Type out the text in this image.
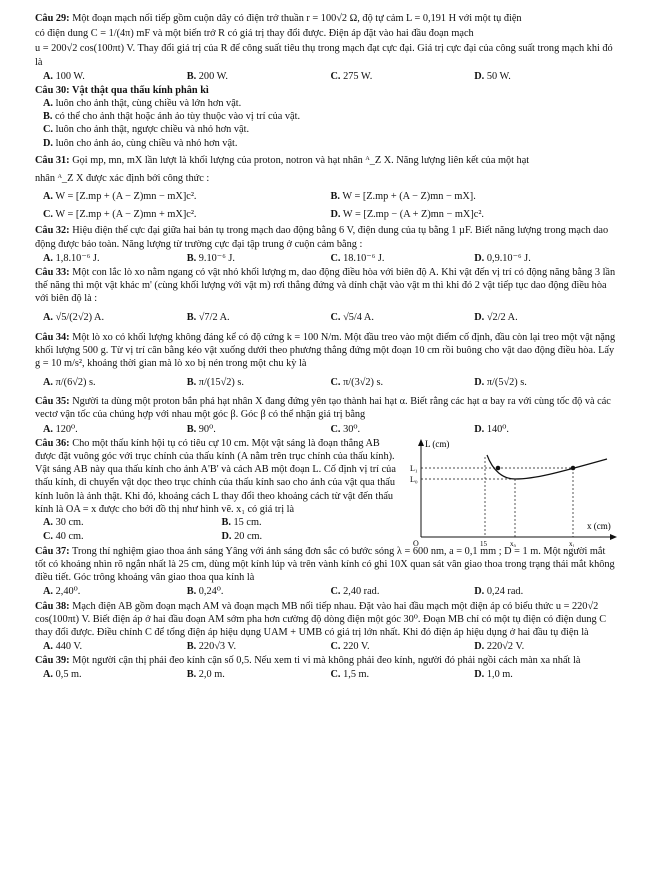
Câu 29: Một đoạn mạch nối tiếp gồm cuộn dây có điện trở thuần r = 100√2 Ω, độ tự cảm L = 0,191 H với một tụ điện
có điện dung C = 1/(4π) mF và một biến trở R có giá trị thay đổi được. Điện áp đặt vào hai đầu đoạn mạch
u = 200√2 cos(100πt) V. Thay đổi giá trị của R để công suất tiêu thụ trong mạch đạt cực đại. Giá trị cực đại của công suất trong mạch khi đó là
A. 100 W.	B. 200 W.	C. 275 W.	D. 50 W.
Câu 30: Vật thật qua thấu kính phân kì
A. luôn cho ảnh thật, cùng chiều và lớn hơn vật.
B. có thể cho ảnh thật hoặc ảnh ảo tùy thuộc vào vị trí của vật.
C. luôn cho ảnh thật, ngược chiều và nhỏ hơn vật.
D. luôn cho ảnh ảo, cùng chiều và nhỏ hơn vật.
Câu 31: Gọi mp, mn, mX lần lượt là khối lượng của proton, notron và hạt nhân ᴬ_Z X. Năng lượng liên kết của một hạt
nhân ᴬ_Z X được xác định bởi công thức :
A. W = [Z.mp + (A − Z)mn − mX]c².	B. W = [Z.mp + (A − Z)mn − mX].
C. W = [Z.mp + (A − Z)mn + mX]c².	D. W = [Z.mp − (A + Z)mn − mX]c².
Câu 32: Hiệu điện thế cực đại giữa hai bản tụ trong mạch dao động bằng 6 V, điện dung của tụ bằng 1 µF. Biết năng lượng trong mạch dao động được bảo toàn. Năng lượng từ trường cực đại tập trung ở cuộn cảm bằng :
A. 1,8.10⁻⁶ J.	B. 9.10⁻⁶ J.	C. 18.10⁻⁶ J.	D. 0,9.10⁻⁶ J.
Câu 33: Một con lắc lò xo nằm ngang có vật nhỏ khối lượng m, dao động điều hòa với biên độ A. Khi vật đến vị trí có động năng bằng 3 lần thế năng thì một vật khác m' (cùng khối lượng với vật m) rơi thẳng đứng và dính chặt vào vật m thì khi đó 2 vật tiếp tục dao động điều hòa với biên độ là :
A. √5/(2√2) A.	B. √7/2 A.	C. √5/4 A.	D. √2/2 A.
Câu 34: Một lò xo có khối lượng không đáng kể có độ cứng k = 100 N/m. Một đầu treo vào một điểm cố định, đầu còn lại treo một vật nặng khối lượng 500 g. Từ vị trí cân bằng kéo vật xuống dưới theo phương thẳng đứng một đoạn 10 cm rồi buông cho vật dao động điều hòa. Lấy g = 10 m/s², khoảng thời gian mà lò xo bị nén trong một chu kỳ là
A. π/(6√2) s.	B. π/(15√2) s.	C. π/(3√2) s.	D. π/(5√2) s.
Câu 35: Người ta dùng một proton bắn phá hạt nhân X đang đứng yên tạo thành hai hạt α. Biết rằng các hạt α bay ra với cùng tốc độ và các vectơ vận tốc của chúng hợp với nhau một góc β. Góc β có thể nhận giá trị bằng
A. 120⁰.	B. 90⁰.	C. 30⁰.	D. 140⁰.
Câu 36: Cho một thấu kính hội tụ có tiêu cự 10 cm. Một vật sáng là đoạn thẳng AB được đặt vuông góc với trục chính của thấu kính (A nằm trên trục chính của thấu kính). Vật sáng AB này qua thấu kính cho ảnh A'B' và cách AB một đoạn L. Cố định vị trí của thấu kính, di chuyển vật dọc theo trục chính của thấu kính sao cho ảnh của vật qua thấu kính luôn là ảnh thật. Khi đó, khoảng cách L thay đổi theo khoảng cách từ vật đến thấu kính là OA = x được cho bởi đồ thị như hình vẽ. x₁ có giá trị là
A. 30 cm.	B. 15 cm.
C. 40 cm.	D. 20 cm.
L (cm)
L₁
L₀
x (cm)
O	15	x₀	x₁
Câu 37: Trong thí nghiệm giao thoa ánh sáng Yâng với ánh sáng đơn sắc có bước sóng λ = 600 nm, a = 0,1 mm ; D = 1 m. Một người mắt tốt có khoảng nhìn rõ ngắn nhất là 25 cm, dùng một kính lúp và trên vành kính có ghi 10X quan sát vân giao thoa trong trạng thái mắt không điều tiết. Góc trông khoảng vân giao thoa qua kính là
A. 2,40⁰.	B. 0,24⁰.	C. 2,40 rad.	D. 0,24 rad.
Câu 38: Mạch điện AB gồm đoạn mạch AM và đoạn mạch MB nối tiếp nhau. Đặt vào hai đầu mạch một điện áp có biểu thức u = 220√2 cos(100πt) V. Biết điện áp ở hai đầu đoạn AM sớm pha hơn cường độ dòng điện một góc 30⁰. Đoạn MB chỉ có một tụ điện có điện dung C thay đổi được. Điều chỉnh C để tổng điện áp hiệu dụng UAM + UMB có giá trị lớn nhất. Khi đó điện áp hiệu dụng ở hai đầu tụ điện là
A. 440 V.	B. 220√3 V.	C. 220 V.	D. 220√2 V.
Câu 39: Một người cận thị phải đeo kính cận số 0,5. Nếu xem ti vi mà không phải đeo kính, người đó phải ngồi cách màn xa nhất là
A. 0,5 m.	B. 2,0 m.	C. 1,5 m.	D. 1,0 m.
